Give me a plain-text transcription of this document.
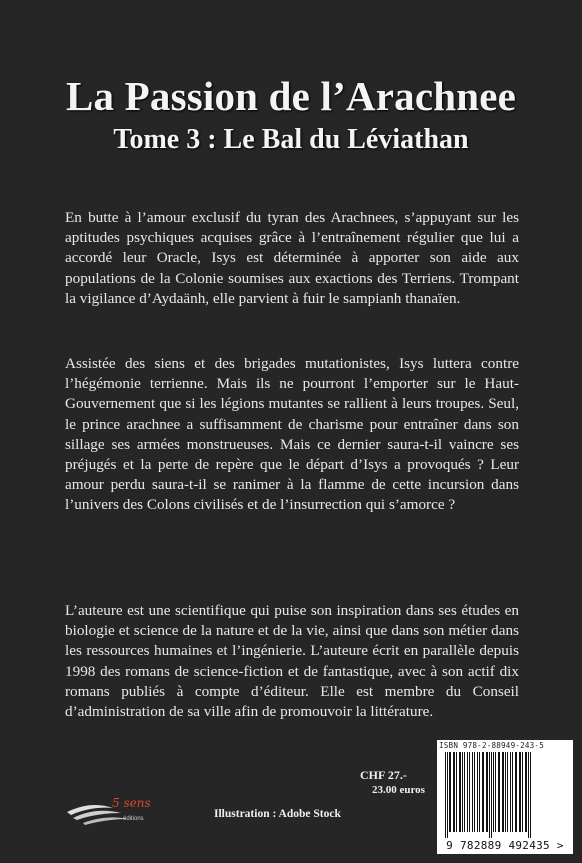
La Passion de l’Arachnee
Tome 3 : Le Bal du Léviathan
En butte à l’amour exclusif du tyran des Arachnees, s’appuyant sur les aptitudes psychiques acquises grâce à l’entraînement régulier que lui a accordé leur Oracle, Isys est déterminée à apporter son aide aux populations de la Colonie soumises aux exactions des Terriens. Trompant la vigilance d’Aydaänh, elle parvient à fuir le sampianh thanaïen.
Assistée des siens et des brigades mutationistes, Isys luttera contre l’hégémonie terrienne. Mais ils ne pourront l’emporter sur le Haut-Gouvernement que si les légions mutantes se rallient à leurs troupes. Seul, le prince arachnee a suffisamment de charisme pour entraîner dans son sillage ses armées monstrueuses. Mais ce dernier saura-t-il vaincre ses préjugés et la perte de repère que le départ d’Isys a provoqués ? Leur amour perdu saura-t-il se ranimer à la flamme de cette incursion dans l’univers des Colons civilisés et de l’insurrection qui s’amorce ?
L’auteure est une scientifique qui puise son inspiration dans ses études en biologie et science de la nature et de la vie, ainsi que dans son métier dans les ressources humaines et l’ingénierie. L’auteure écrit en parallèle depuis 1998 des romans de science-fiction et de fantastique, avec à son actif dix romans publiés à compte d’éditeur. Elle est membre du Conseil d’administration de sa ville afin de promouvoir la littérature.
ISBN 978-2-88949-243-5
9 782889 492435 >
CHF 27.-
23.00 euros
5 sens
éditions	Illustration : Adobe Stock
